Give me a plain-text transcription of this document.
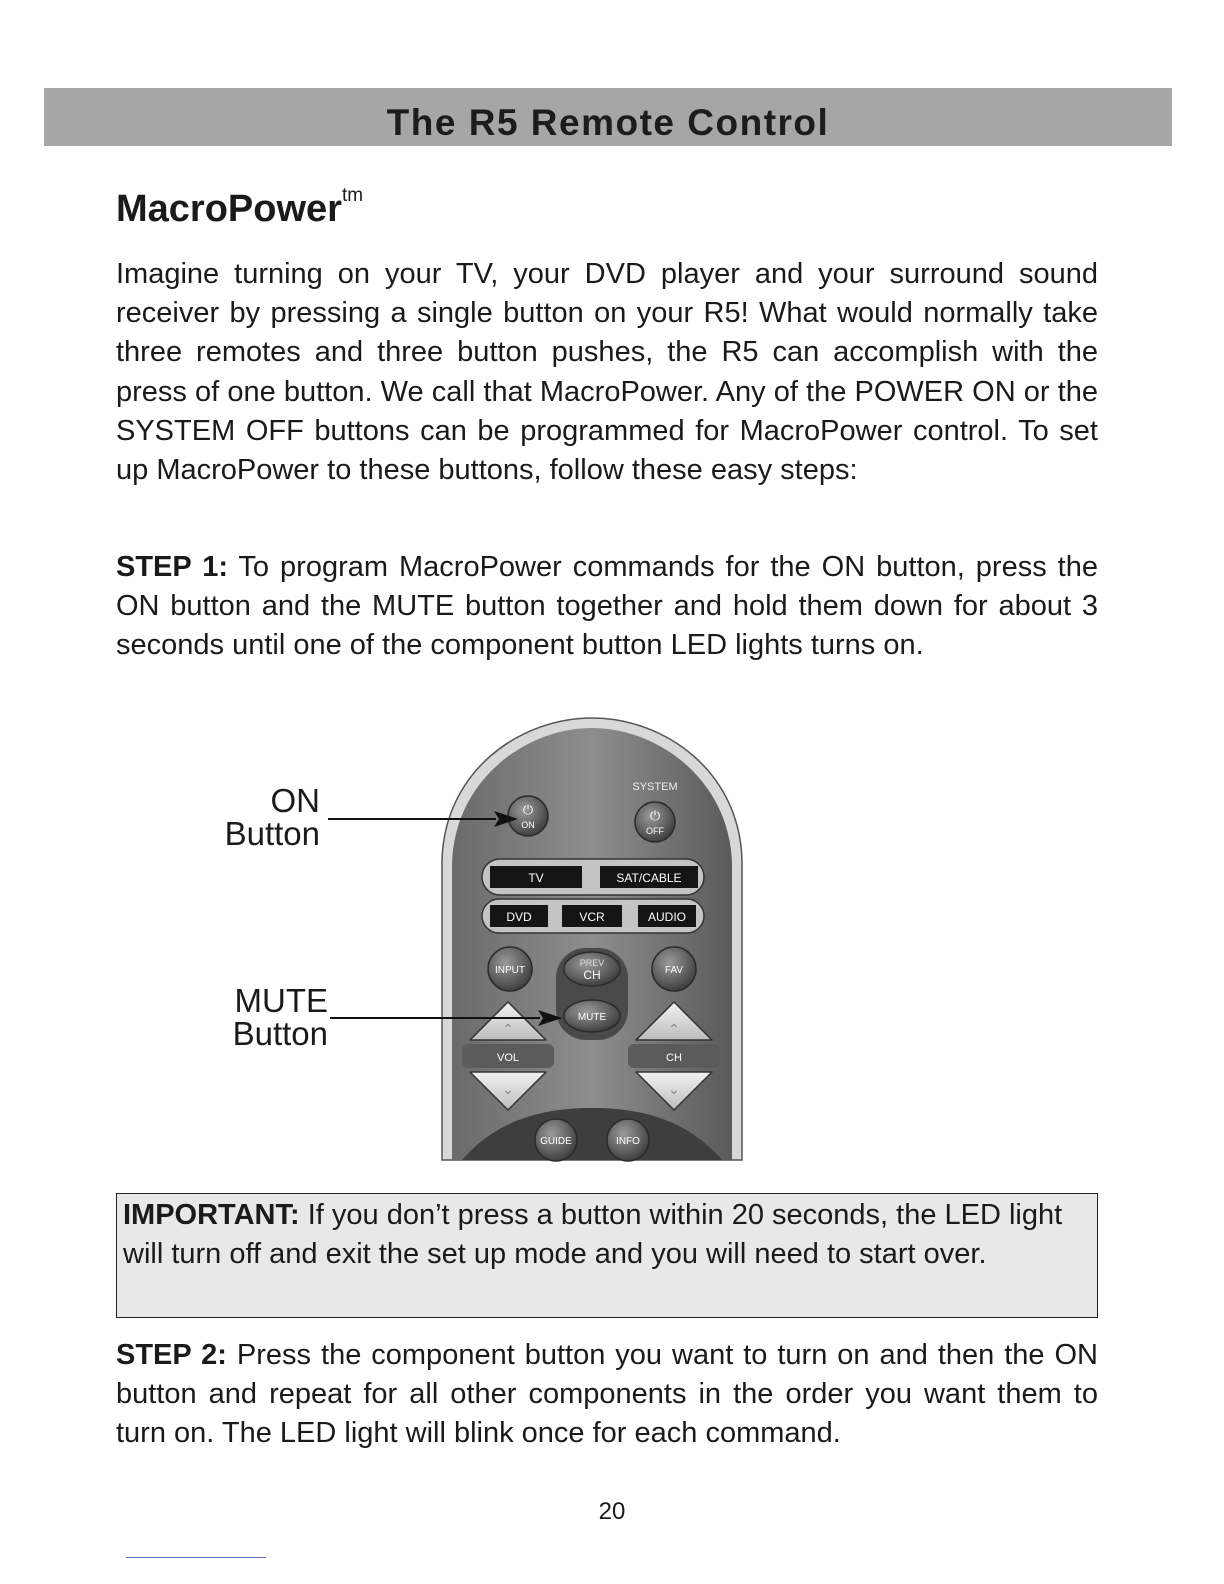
The R5 Remote Control
MacroPower$^{tm}$

Imagine turning on your TV, your DVD player and your surround sound receiver by pressing a single button on your R5! What would normally take three remotes and three button pushes, the R5 can accomplish with the press of one button. We call that MacroPower. Any of the POWER ON or the SYSTEM OFF buttons can be programmed for MacroPower control. To set up MacroPower to these buttons, follow these easy steps:

STEP 1: To program MacroPower commands for the ON button, press the ON button and the MUTE button together and hold them down for about 3 seconds until one of the component button LED lights turns on.

ON
Button
MUTE
Button
SYSTEM
⏻
ON
⏻
OFF
TV	SAT/CABLE
DVD	VCR	AUDIO
INPUT
PREV
CH	FAV
MUTE
⌃
VOL
⌄
⌃
CH
⌄
GUIDE	INFO
IMPORTANT: If you don’t press a button within 20 seconds, the LED light will turn off and exit the set up mode and you will need to start over.

STEP 2: Press the component button you want to turn on and then the ON button and repeat for all other components in the order you want them to turn on. The LED light will blink once for each command.

20
